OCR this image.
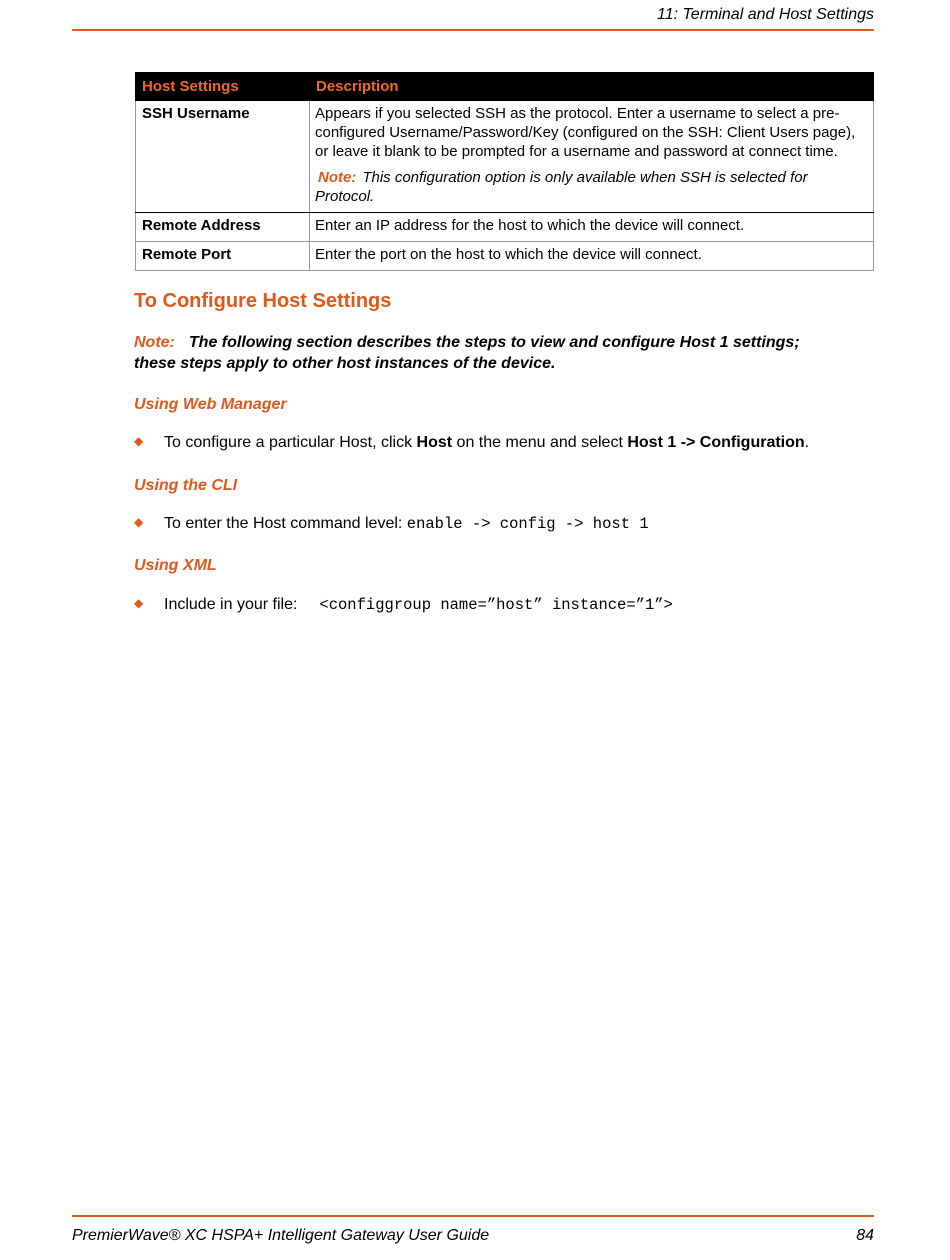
11: Terminal and Host Settings
Host Settings	Description
SSH Username	Appears if you selected SSH as the protocol. Enter a username to select a pre-configured Username/Password/Key (configured on the SSH: Client Users page), or leave it blank to be prompted for a username and password at connect time.
Note: This configuration option is only available when SSH is selected for Protocol.

Remote Address	Enter an IP address for the host to which the device will connect.
Remote Port	Enter the port on the host to which the device will connect.
To Configure Host Settings
Note: The following section describes the steps to view and configure Host 1 settings; these steps apply to other host instances of the device.
Using Web Manager
◆ To configure a particular Host, click Host on the menu and select Host 1 -> Configuration.
Using the CLI
◆ To enter the Host command level: enable -> config -> host 1
Using XML
◆ Include in your file: <configgroup name=”host” instance=”1”>
PremierWave® XC HSPA+ Intelligent Gateway User Guide	84
